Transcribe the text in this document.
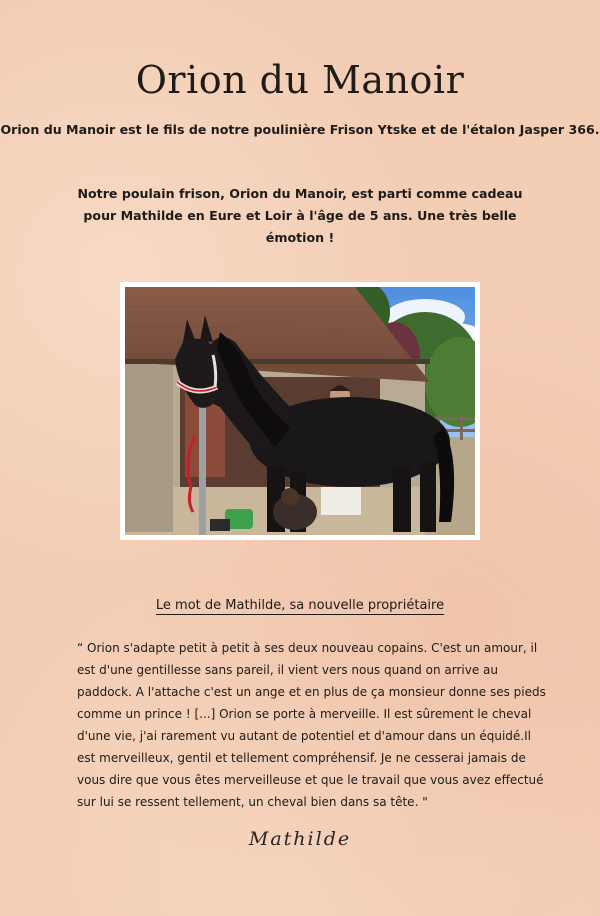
Orion du Manoir
Orion du Manoir est le fils de notre poulinière Frison Ytske et de l'étalon Jasper 366.
Notre poulain frison, Orion du Manoir, est parti comme cadeau pour Mathilde en Eure et Loir à l'âge de 5 ans. Une très belle émotion !
Le mot de Mathilde, sa nouvelle propriétaire
“ Orion s'adapte petit à petit à ses deux nouveau copains. C'est un amour, il est d'une gentillesse sans pareil, il vient vers nous quand on arrive au paddock. A l'attache c'est un ange et en plus de ça monsieur donne ses pieds comme un prince ! [...] Orion se porte à merveille. Il est sûrement le cheval d'une vie, j'ai rarement vu autant de potentiel et d'amour dans un équidé.Il est merveilleux, gentil et tellement compréhensif. Je ne cesserai jamais de vous dire que vous êtes merveilleuse et que le travail que vous avez effectué sur lui se ressent tellement, un cheval bien dans sa tête. "
Mathilde
